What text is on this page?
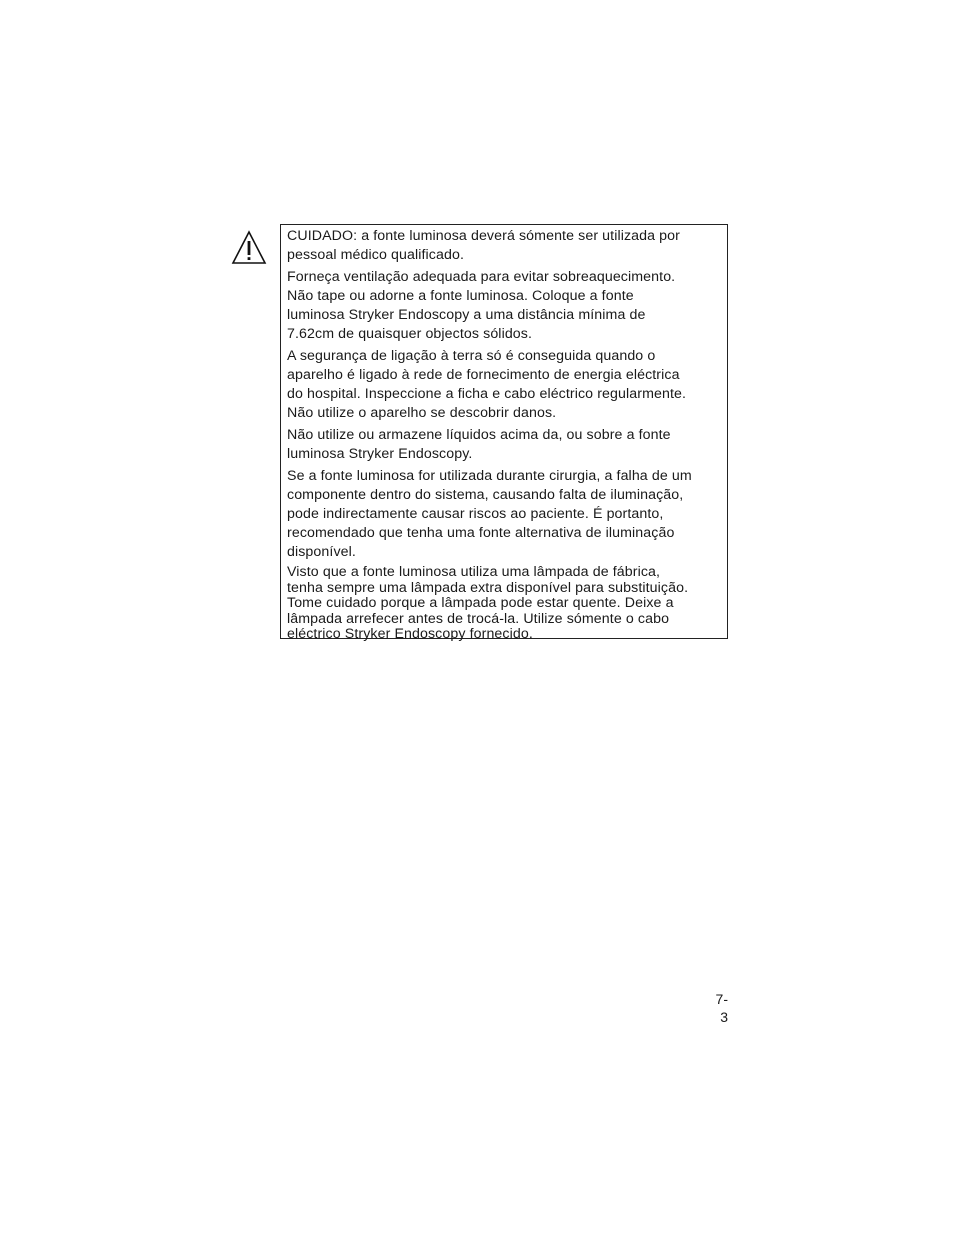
CUIDADO: a fonte luminosa deverá sómente ser utilizada por
pessoal médico qualificado.

Forneça ventilação adequada para evitar sobreaquecimento.
Não tape ou adorne a fonte luminosa. Coloque a fonte
luminosa Stryker Endoscopy a uma distância mínima de
7.62cm de quaisquer objectos sólidos.

A segurança de ligação à terra só é conseguida quando o
aparelho é ligado à rede de fornecimento de energia eléctrica
do hospital. Inspeccione a ficha e cabo eléctrico regularmente.
Não utilize o aparelho se descobrir danos.

Não utilize ou armazene líquidos acima da, ou sobre a fonte
luminosa Stryker Endoscopy.

Se a fonte luminosa for utilizada durante cirurgia, a falha de um
componente dentro do sistema, causando falta de iluminação,
pode indirectamente causar riscos ao paciente. É portanto,
recomendado que tenha uma fonte alternativa de iluminação
disponível.

Visto que a fonte luminosa utiliza uma lâmpada de fábrica,
tenha sempre uma lâmpada extra disponível para substituição.
Tome cuidado porque a lâmpada pode estar quente. Deixe a
lâmpada arrefecer antes de trocá-la. Utilize sómente o cabo
eléctrico Stryker Endoscopy fornecido.

7-3
